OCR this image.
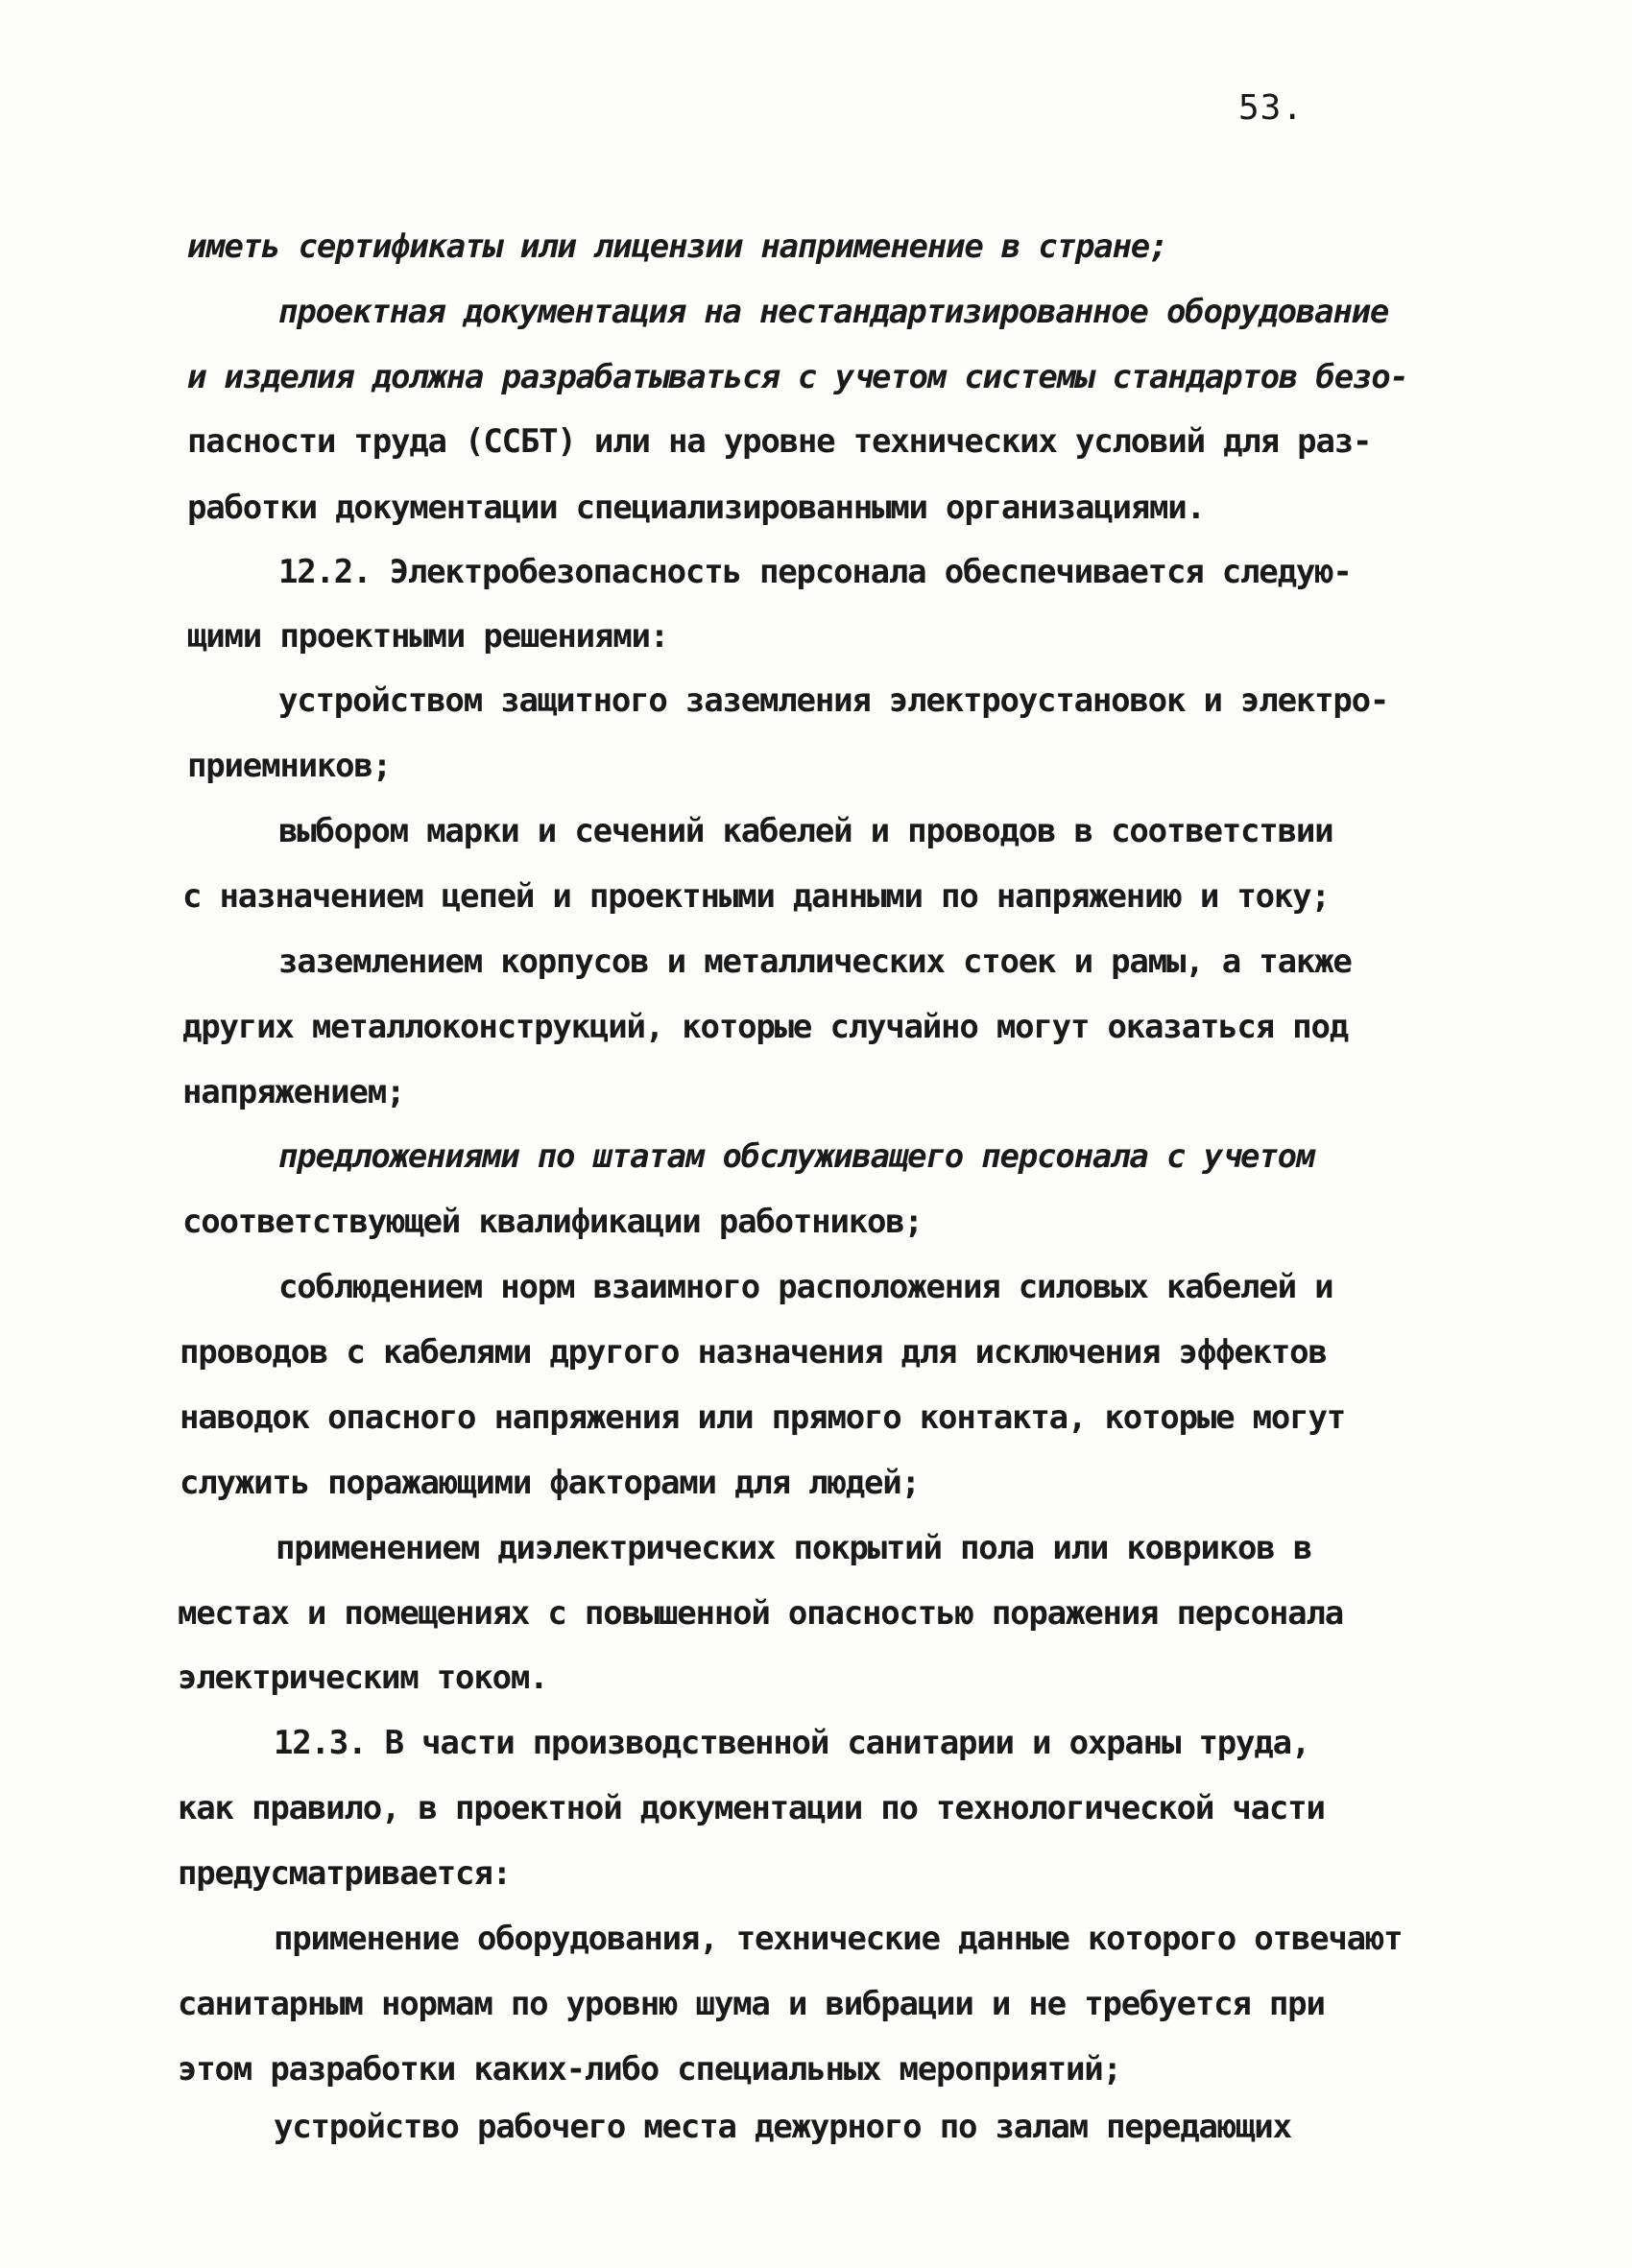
53.
иметь сертификаты или лицензии наприменение в стране;
проектная документация на нестандартизированное оборудование
и изделия должна разрабатываться с учетом системы стандартов безо-
пасности труда (ССБТ) или на уровне технических условий для раз-
работки документации специализированными организациями.
12.2. Электробезопасность персонала обеспечивается следую-
щими проектными решениями:
устройством защитного заземления электроустановок и электро-
приемников;
выбором марки и сечений кабелей и проводов в соответствии
с назначением цепей и проектными данными по напряжению и току;
заземлением корпусов и металлических стоек и рамы, а также
других металлоконструкций, которые случайно могут оказаться под
напряжением;
предложениями по штатам обслуживащего персонала с учетом
соответствующей квалификации работников;
соблюдением норм взаимного расположения силовых кабелей и
проводов с кабелями другого назначения для исключения эффектов
наводок опасного напряжения или прямого контакта, которые могут
служить поражающими факторами для людей;
применением диэлектрических покрытий пола или ковриков в
местах и помещениях с повышенной опасностью поражения персонала
электрическим током.
12.3. В части производственной санитарии и охраны труда,
как правило, в проектной документации по технологической части
предусматривается:
применение оборудования, технические данные которого отвечают
санитарным нормам по уровню шума и вибрации и не требуется при
этом разработки каких-либо специальных мероприятий;
устройство рабочего места дежурного по залам передающих
